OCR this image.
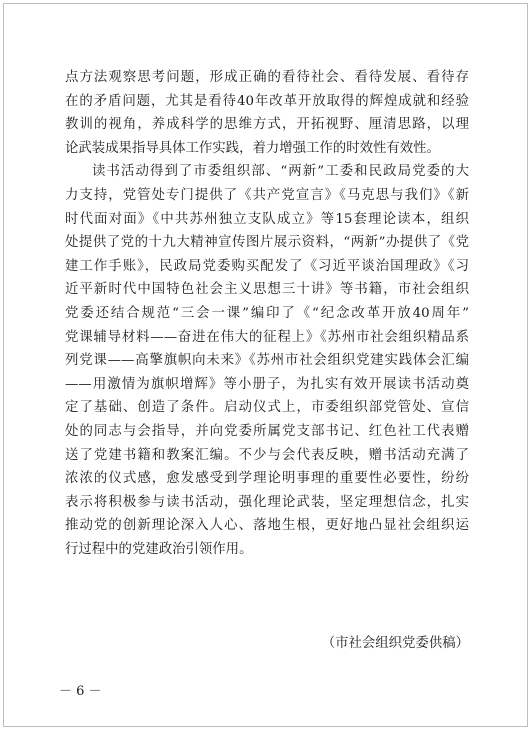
点方法观察思考问题，形成正确的看待社会、看待发展、看待存
在的矛盾问题，尤其是看待40年改革开放取得的辉煌成就和经验
教训的视角，养成科学的思维方式，开拓视野、厘清思路，以理
论武装成果指导具体工作实践，着力增强工作的时效性有效性。
读书活动得到了市委组织部、“两新”工委和民政局党委的大
力支持，党管处专门提供了《共产党宣言》《马克思与我们》《新
时代面对面》《中共苏州独立支队成立》等15套理论读本，组织
处提供了党的十九大精神宣传图片展示资料，“两新”办提供了《党
建工作手账》，民政局党委购买配发了《习近平谈治国理政》《习
近平新时代中国特色社会主义思想三十讲》等书籍，市社会组织
党委还结合规范“三会一课”编印了《“纪念改革开放40周年”
党课辅导材料——奋进在伟大的征程上》《苏州市社会组织精品系
列党课——高擎旗帜向未来》《苏州市社会组织党建实践体会汇编
——用激情为旗帜增辉》等小册子，为扎实有效开展读书活动奠
定了基础、创造了条件。启动仪式上，市委组织部党管处、宣信
处的同志与会指导，并向党委所属党支部书记、红色社工代表赠
送了党建书籍和教案汇编。不少与会代表反映，赠书活动充满了
浓浓的仪式感，愈发感受到学理论明事理的重要性必要性，纷纷
表示将积极参与读书活动，强化理论武装，坚定理想信念，扎实
推动党的创新理论深入人心、落地生根，更好地凸显社会组织运
行过程中的党建政治引领作用。
（市社会组织党委供稿）
－ 6 －
